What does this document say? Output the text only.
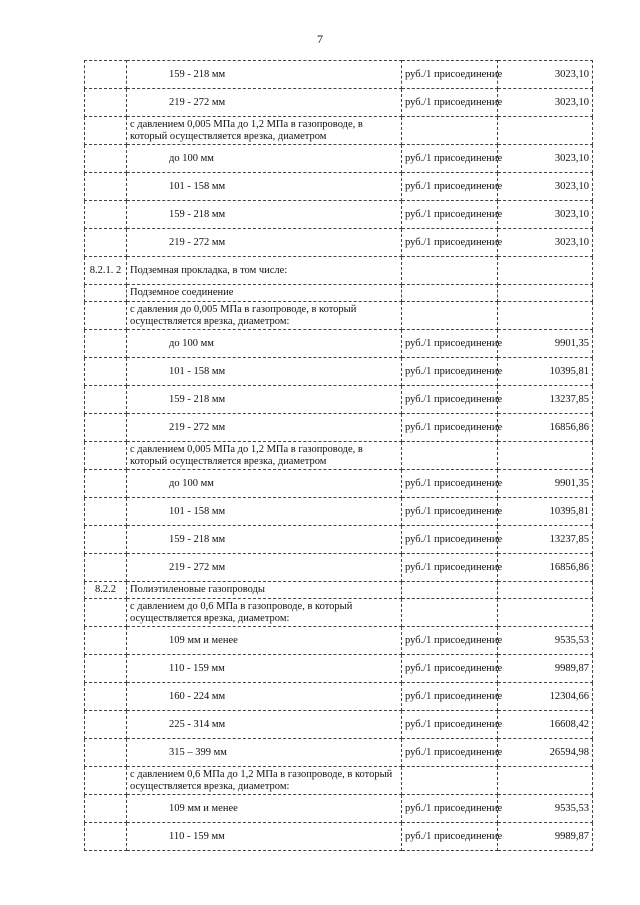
7
	159 - 218 мм	руб./1 присоединение	3023,10
	219 - 272 мм	руб./1 присоединение	3023,10
	с давлением 0,005 МПа до 1,2 МПа в газопроводе, в который осуществляется врезка, диаметром		
	до 100 мм	руб./1 присоединение	3023,10
	101 - 158 мм	руб./1 присоединение	3023,10
	159 - 218 мм	руб./1 присоединение	3023,10
	219 - 272 мм	руб./1 присоединение	3023,10
8.2.1. 2	Подземная прокладка, в том числе:		
	Подземное соединение		
	с давления до 0,005 МПа в газопроводе, в который осуществляется врезка, диаметром:		
	до 100 мм	руб./1 присоединение	9901,35
	101 - 158 мм	руб./1 присоединение	10395,81
	159 - 218 мм	руб./1 присоединение	13237,85
	219 - 272 мм	руб./1 присоединение	16856,86
	с давлением 0,005 МПа до 1,2 МПа в газопроводе, в который осуществляется врезка, диаметром		
	до 100 мм	руб./1 присоединение	9901,35
	101 - 158 мм	руб./1 присоединение	10395,81
	159 - 218 мм	руб./1 присоединение	13237,85
	219 - 272 мм	руб./1 присоединение	16856,86
8.2.2	Полиэтиленовые газопроводы		
	с давлением до 0,6 МПа в газопроводе, в который осуществляется врезка, диаметром:		
	109 мм и менее	руб./1 присоединение	9535,53
	110 - 159 мм	руб./1 присоединение	9989,87
	160 - 224 мм	руб./1 присоединение	12304,66
	225 - 314 мм	руб./1 присоединение	16608,42
	315 – 399 мм	руб./1 присоединение	26594,98
	с давлением 0,6 МПа до 1,2 МПа в газопроводе, в который осуществляется врезка, диаметром:		
	109 мм и менее	руб./1 присоединение	9535,53
	110 - 159 мм	руб./1 присоединение	9989,87
